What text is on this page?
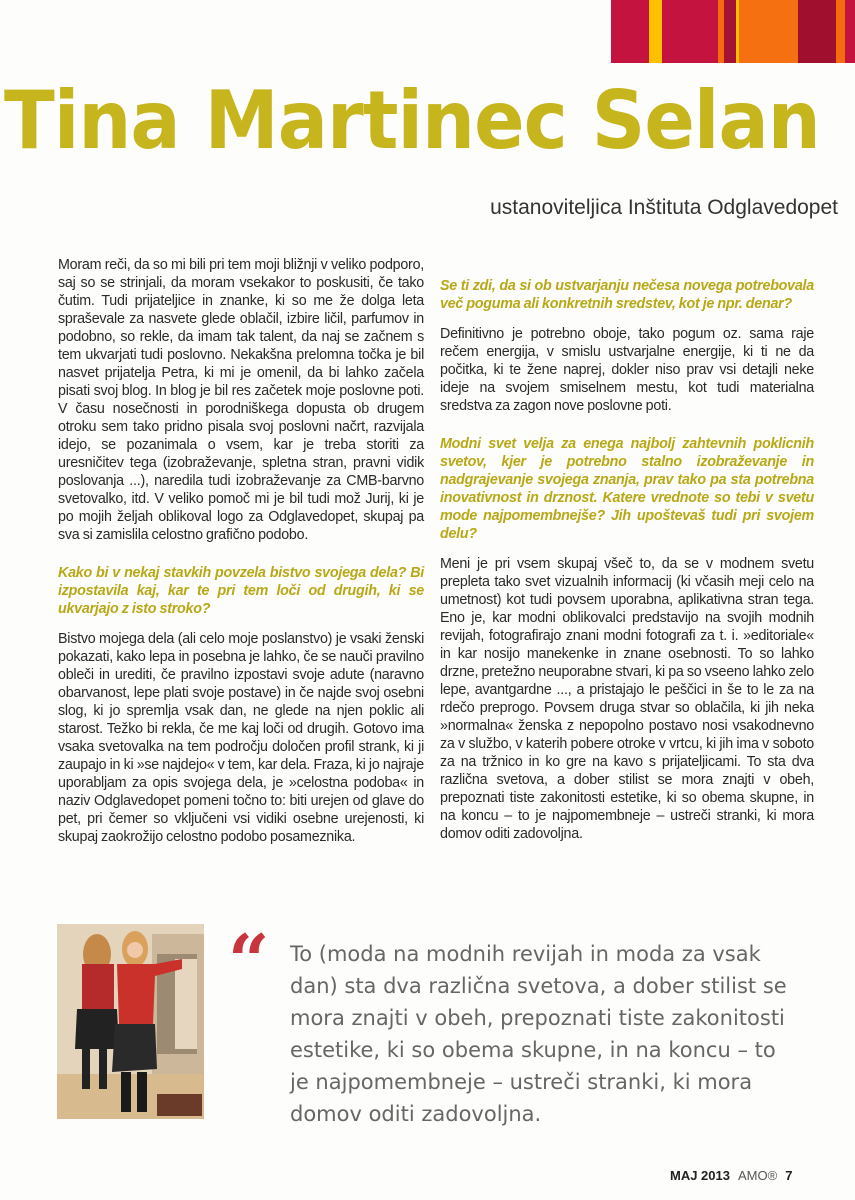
Tina Martinec Selan
ustanoviteljica Inštituta Odglavedopet

Moram reči, da so mi bili pri tem moji bližnji v veliko podporo, saj so se strinjali, da moram vsekakor to poskusiti, če tako čutim. Tudi prijateljice in znanke, ki so me že dolga leta spraševale za nasvete glede oblačil, izbire ličil, parfumov in podobno, so rekle, da imam tak talent, da naj se začnem s tem ukvarjati tudi poslovno. Nekakšna prelomna točka je bil nasvet prijatelja Petra, ki mi je omenil, da bi lahko začela pisati svoj blog. In blog je bil res začetek moje poslovne poti. V času nosečnosti in porodniškega dopusta ob drugem otroku sem tako pridno pisala svoj poslovni načrt, razvijala idejo, se pozanimala o vsem, kar je treba storiti za uresničitev tega (izobraževanje, spletna stran, pravni vidik poslovanja ...), naredila tudi izobraževanje za CMB-barvno svetovalko, itd. V veliko pomoč mi je bil tudi mož Jurij, ki je po mojih željah oblikoval logo za Odglavedopet, skupaj pa sva si zamislila celostno grafično podobo.

Kako bi v nekaj stavkih povzela bistvo svojega dela? Bi izpostavila kaj, kar te pri tem loči od drugih, ki se ukvarjajo z isto stroko?

Bistvo mojega dela (ali celo moje poslanstvo) je vsaki ženski pokazati, kako lepa in posebna je lahko, če se nauči pravilno obleči in urediti, če pravilno izpostavi svoje adute (naravno obarvanost, lepe plati svoje postave) in če najde svoj osebni slog, ki jo spremlja vsak dan, ne glede na njen poklic ali starost. Težko bi rekla, če me kaj loči od drugih. Gotovo ima vsaka svetovalka na tem področju določen profil strank, ki ji zaupajo in ki »se najdejo« v tem, kar dela. Fraza, ki jo najraje uporabljam za opis svojega dela, je »celostna podoba« in naziv Odglavedopet pomeni točno to: biti urejen od glave do pet, pri čemer so vključeni vsi vidiki osebne urejenosti, ki skupaj zaokrožijo celostno podobo posameznika.

Se ti zdi, da si ob ustvarjanju nečesa novega potrebovala več poguma ali konkretnih sredstev, kot je npr. denar?

Definitivno je potrebno oboje, tako pogum oz. sama raje rečem energija, v smislu ustvarjalne energije, ki ti ne da počitka, ki te žene naprej, dokler niso prav vsi detajli neke ideje na svojem smiselnem mestu, kot tudi materialna sredstva za zagon nove poslovne poti.

Modni svet velja za enega najbolj zahtevnih poklicnih svetov, kjer je potrebno stalno izobraževanje in nadgrajevanje svojega znanja, prav tako pa sta potrebna inovativnost in drznost. Katere vrednote so tebi v svetu mode najpomembnejše? Jih upoštevaš tudi pri svojem delu?

Meni je pri vsem skupaj všeč to, da se v modnem svetu prepleta tako svet vizualnih informacij (ki včasih meji celo na umetnost) kot tudi povsem uporabna, aplikativna stran tega. Eno je, kar modni oblikovalci predstavijo na svojih modnih revijah, fotografirajo znani modni fotografi za t. i. »editoriale« in kar nosijo manekenke in znane osebnosti. To so lahko drzne, pretežno neuporabne stvari, ki pa so vseeno lahko zelo lepe, avantgardne ..., a pristajajo le peščici in še to le za na rdečo preprogo. Povsem druga stvar so oblačila, ki jih neka »normalna« ženska z nepopolno postavo nosi vsakodnevno za v službo, v katerih pobere otroke v vrtcu, ki jih ima v soboto za na tržnico in ko gre na kavo s prijatelјicami. To sta dva različna svetova, a dober stilist se mora znajti v obeh, prepoznati tiste zakonitosti estetike, ki so obema skupne, in na koncu – to je najpomembneje – ustreči stranki, ki mora domov oditi zadovoljna.

“ To (moda na modnih revijah in moda za vsak dan) sta dva različna svetova, a dober stilist se mora znajti v obeh, prepoznati tiste zakonitosti estetike, ki so obema skupne, in na koncu – to je najpomembneje – ustreči stranki, ki mora domov oditi zadovoljna.
MAJ 2013 AMO® 7
